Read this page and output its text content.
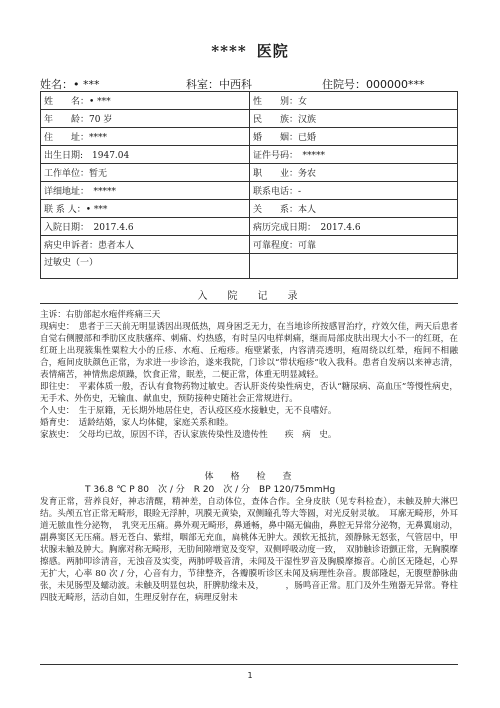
**** 医院
姓名：• ***	科室：中西科	住院号：000000***
姓　　名：• ***	性　　别：女
年　　龄：70 岁	民　　族：汉族
住　　址：****	婚　　姻：已婚
出生日期:　1947.04	证件号码：　*****
工作单位：暂无	职　　业：务农
详细地址：　*****	联系电话：-
联 系 人：• ***	关　　系：本人
入院日期：　2017.4.6	病历完成日期：　2017.4.6
病史申诉者：患者本人	可靠程度：可靠
过敏史（一）	
入　院　记　录

主诉：右肋部起水疱伴疼痛三天

现病史：　患者于三天前无明显诱因出现低热，周身困乏无力，在当地诊所按感冒治疗，疗效欠佳，两天后患者自觉右侧腰部和季肋区皮肤瘙痒、刺痛、灼热感，有时呈闪电样刺痛，继而局部皮肤出现大小不一的红斑，在红斑上出现簇集性粟粒大小的丘疹、水疱、丘疱疹。疱壁紧张，内容清亮透明，疱周绕以红晕，疱间不相融合，疱间皮肤颜色正常，为求进一步诊治，遂来我院，门诊以“带状疱疹”收入我科。患者自发病以来神志清，表情痛苦，神情焦虑烦躁，饮食正常，眠差，二便正常，体重无明显减轻。

即往史：　平素体质一般，否认有食物药物过敏史。否认肝炎传染性病史，否认“糖尿病、高血压”等慢性病史，无手术、外伤史，无输血、献血史，预防接种史随社会正常规进行。

个人史：　生于原籍，无长期外地居住史，否认疫区疫水接触史，无不良嗜好。

婚育史：　适龄结婚，家人均体健，家庭关系和睦。

家族史：　父母均已故，原因不详，否认家族传染性及遗传性　　疾　病　史。

体　格　检　查
T 36.8 ℃ P 80　次 / 分　R 20　次 / 分　BP 120/75mmHg

发育正常，营养良好，神志清醒，精神差，自动体位，查体合作。全身皮肤（见专科检查），未触及肿大淋巴结。头颅五官正常无畸形，眼睑无浮肿，巩膜无黄染，双侧瞳孔等大等圆，对光反射灵敏。　耳廓无畸形，外耳道无脓血性分泌物，　乳突无压痛。鼻外观无畸形，鼻通畅，鼻中隔无偏曲，鼻腔无异常分泌物，无鼻翼扇动，副鼻窦区无压痛。唇无苍白、紫绀，咽部无充血，扁桃体无肿大。颈软无抵抗，颈静脉无怒张，气管居中，甲状腺未触及肿大。胸廓对称无畸形，无肋间隙增宽及变窄，双侧呼吸动度一致，　双肺触诊语颤正常，无胸膜摩擦感。两肺叩诊清音，无浊音及实变，两肺呼吸音清，未闻及干湿性罗音及胸膜摩擦音。心前区无隆起，心界无扩大，心率 80 次 / 分，心音有力，节律整齐，各瓣膜听诊区未闻及病理性杂音。腹部隆起，无腹壁静脉曲张，未见肠型及蠕动波。未触及明显包块，肝脾肋缘未及，　　　，肠鸣音正常。肛门及外生殖器无异常。脊柱四肢无畸形，活动自如，生理反射存在，病理反射未

1
